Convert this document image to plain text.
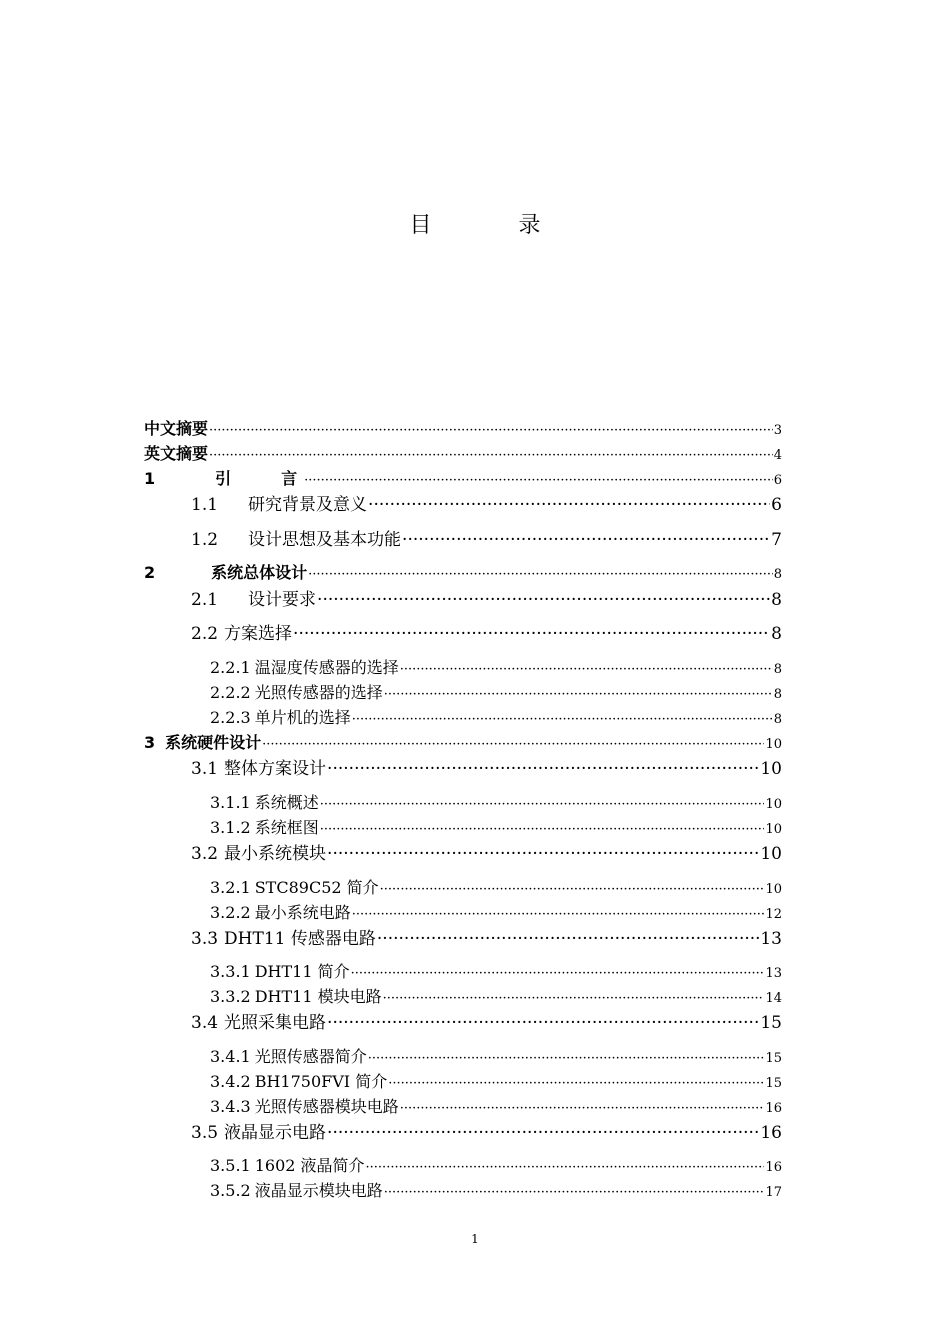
目 录
中文摘要 ·····	3
英文摘要 ·····	4
1	引　　言 ·····	6
1.1 研究背景及意义 ·····	6
1.2 设计思想及基本功能 ·····	7
2	系统总体设计 ·····	8
2.1 设计要求 ·····	8
2.2 方案选择 ·····	8
2.2.1 温湿度传感器的选择 ·····	8
2.2.2 光照传感器的选择 ·····	8
2.2.3 单片机的选择 ·····	8
3 系统硬件设计 ·····	10
3.1 整体方案设计 ·····	10
3.1.1 系统概述 ·····	10
3.1.2 系统框图 ·····	10
3.2 最小系统模块 ·····	10
3.2.1 STC89C52 简介 ·····	10
3.2.2 最小系统电路 ·····	12
3.3 DHT11 传感器电路 ·····	13
3.3.1 DHT11 简介 ·····	13
3.3.2 DHT11 模块电路 ·····	14
3.4 光照采集电路 ·····	15
3.4.1 光照传感器简介 ·····	15
3.4.2 BH1750FVI 简介 ·····	15
3.4.3 光照传感器模块电路 ·····	16
3.5 液晶显示电路 ·····	16
3.5.1 1602 液晶简介 ·····	16
3.5.2 液晶显示模块电路 ·····	17
1
